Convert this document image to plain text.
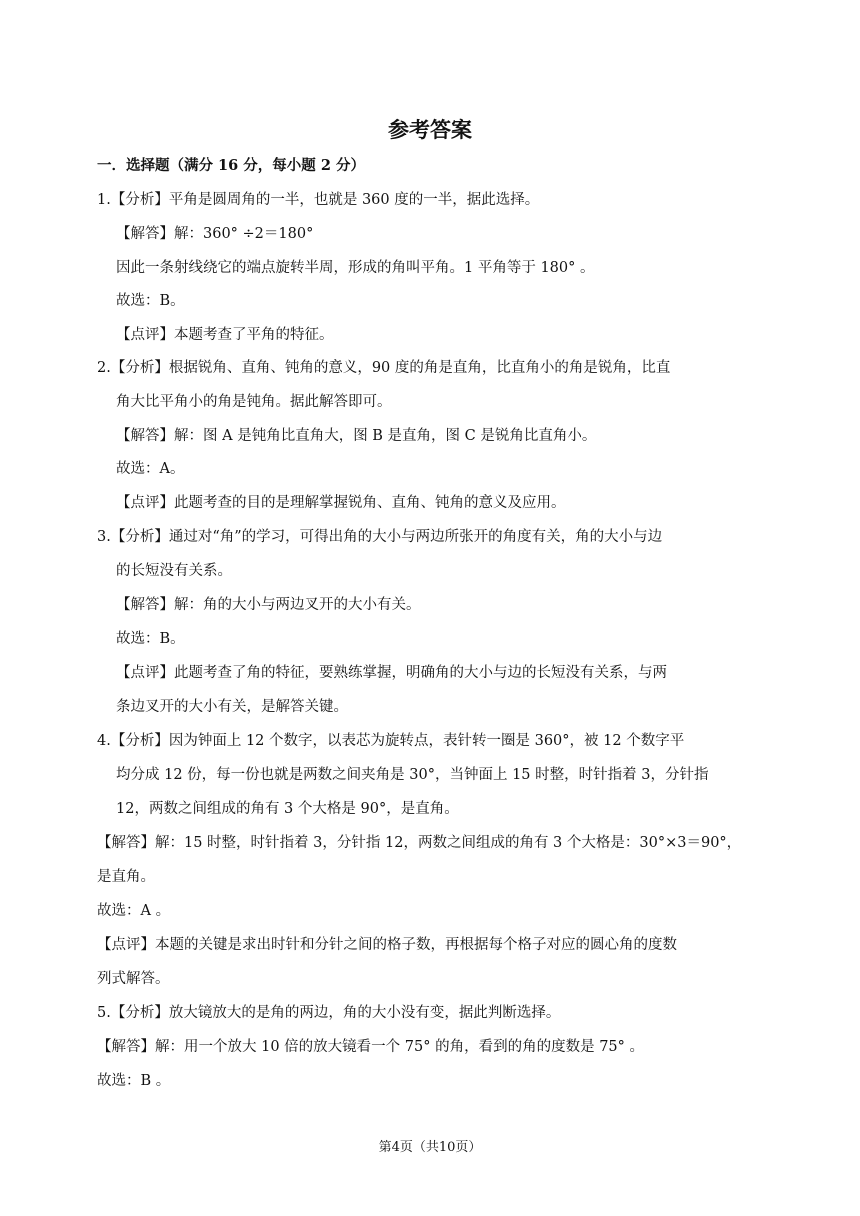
参考答案
一．选择题（满分 16 分，每小题 2 分）
1.【分析】平角是圆周角的一半，也就是 360 度的一半，据此选择。
【解答】解：360° ÷2＝180°
因此一条射线绕它的端点旋转半周，形成的角叫平角。1 平角等于 180° 。
故选：B。
【点评】本题考查了平角的特征。
2.【分析】根据锐角、直角、钝角的意义，90 度的角是直角，比直角小的角是锐角，比直
角大比平角小的角是钝角。据此解答即可。
【解答】解：图 A 是钝角比直角大，图 B 是直角，图 C 是锐角比直角小。
故选：A。
【点评】此题考查的目的是理解掌握锐角、直角、钝角的意义及应用。
3.【分析】通过对“角”的学习，可得出角的大小与两边所张开的角度有关，角的大小与边
的长短没有关系。
【解答】解：角的大小与两边叉开的大小有关。
故选：B。
【点评】此题考查了角的特征，要熟练掌握，明确角的大小与边的长短没有关系，与两
条边叉开的大小有关，是解答关键。
4.【分析】因为钟面上 12 个数字，以表芯为旋转点，表针转一圈是 360°，被 12 个数字平
均分成 12 份，每一份也就是两数之间夹角是 30°，当钟面上 15 时整，时针指着 3，分针指
12，两数之间组成的角有 3 个大格是 90°，是直角。
【解答】解：15 时整，时针指着 3，分针指 12，两数之间组成的角有 3 个大格是：30°×3＝90°，
是直角。
故选：A 。
【点评】本题的关键是求出时针和分针之间的格子数，再根据每个格子对应的圆心角的度数
列式解答。
5.【分析】放大镜放大的是角的两边，角的大小没有变，据此判断选择。
【解答】解：用一个放大 10 倍的放大镜看一个 75° 的角，看到的角的度数是 75° 。
故选：B 。
第4页（共10页）
